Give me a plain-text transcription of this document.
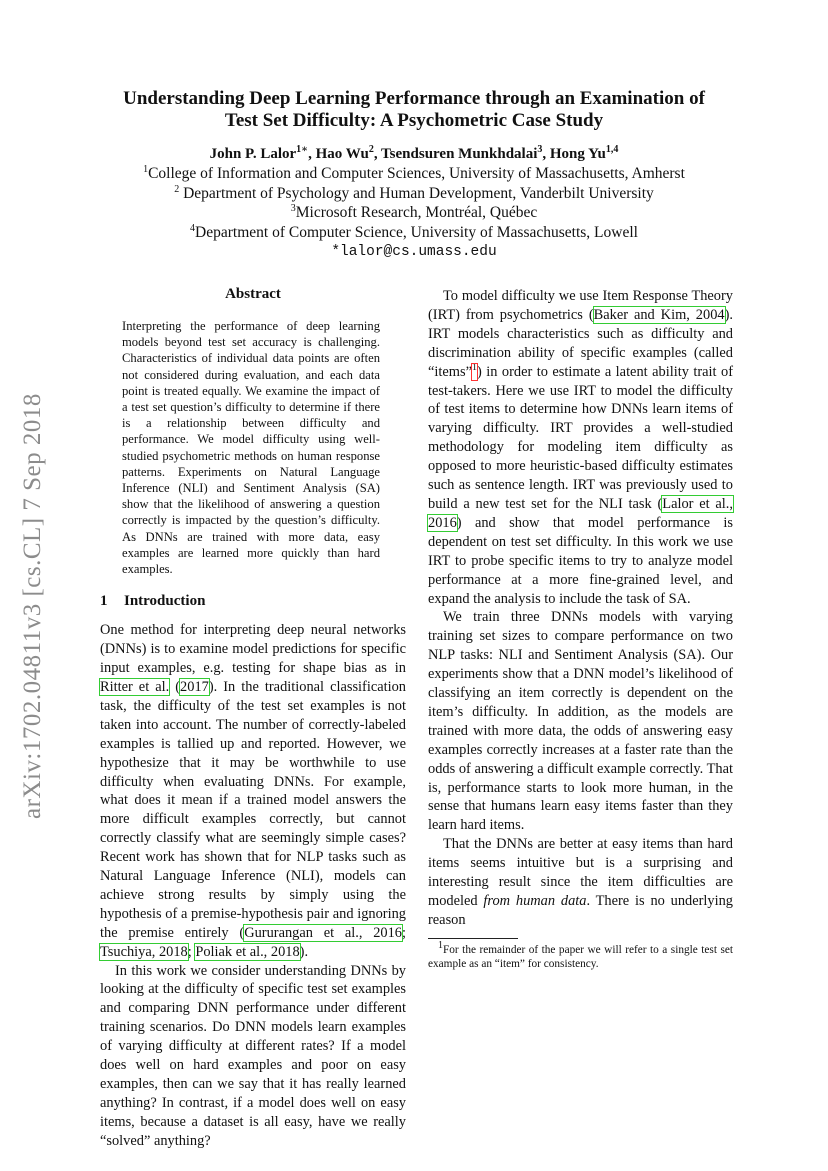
arXiv:1702.04811v3 [cs.CL] 7 Sep 2018
Understanding Deep Learning Performance through an Examination of
Test Set Difficulty: A Psychometric Case Study
John P. Lalor$^{1∗}$, Hao Wu$^2$, Tsendsuren Munkhdalai$^3$, Hong Yu$^{1,4}$
$^1$College of Information and Computer Sciences, University of Massachusetts, Amherst
$^2$ Department of Psychology and Human Development, Vanderbilt University
$^3$Microsoft Research, Montréal, Québec
$^4$Department of Computer Science, University of Massachusetts, Lowell
*lalor@cs.umass.edu
Abstract

Interpreting the performance of deep learning models beyond test set accuracy is challenging. Characteristics of individual data points are often not considered during evaluation, and each data point is treated equally. We examine the impact of a test set question’s difficulty to determine if there is a relationship between difficulty and performance. We model difficulty using well-studied psychometric methods on human response patterns. Experiments on Natural Language Inference (NLI) and Sentiment Analysis (SA) show that the likelihood of answering a question correctly is impacted by the question’s difficulty. As DNNs are trained with more data, easy examples are learned more quickly than hard examples.

1 Introduction

One method for interpreting deep neural networks (DNNs) is to examine model predictions for specific input examples, e.g. testing for shape bias as in Ritter et al. (2017). In the traditional classification task, the difficulty of the test set examples is not taken into account. The number of correctly-labeled examples is tallied up and reported. However, we hypothesize that it may be worthwhile to use difficulty when evaluating DNNs. For example, what does it mean if a trained model answers the more difficult examples correctly, but cannot correctly classify what are seemingly simple cases? Recent work has shown that for NLP tasks such as Natural Language Inference (NLI), models can achieve strong results by simply using the hypothesis of a premise-hypothesis pair and ignoring the premise entirely (Gururangan et al., 2016; Tsuchiya, 2018; Poliak et al., 2018).

In this work we consider understanding DNNs by looking at the difficulty of specific test set examples and comparing DNN performance under different training scenarios. Do DNN models learn examples of varying difficulty at different rates? If a model does well on hard examples and poor on easy examples, then can we say that it has really learned anything? In contrast, if a model does well on easy items, because a dataset is all easy, have we really “solved” anything?

To model difficulty we use Item Response Theory (IRT) from psychometrics (Baker and Kim, 2004). IRT models characteristics such as difficulty and discrimination ability of specific examples (called “items”$^1$) in order to estimate a latent ability trait of test-takers. Here we use IRT to model the difficulty of test items to determine how DNNs learn items of varying difficulty. IRT provides a well-studied methodology for modeling item difficulty as opposed to more heuristic-based difficulty estimates such as sentence length. IRT was previously used to build a new test set for the NLI task (Lalor et al., 2016) and show that model performance is dependent on test set difficulty. In this work we use IRT to probe specific items to try to analyze model performance at a more fine-grained level, and expand the analysis to include the task of SA.

We train three DNNs models with varying training set sizes to compare performance on two NLP tasks: NLI and Sentiment Analysis (SA). Our experiments show that a DNN model’s likelihood of classifying an item correctly is dependent on the item’s difficulty. In addition, as the models are trained with more data, the odds of answering easy examples correctly increases at a faster rate than the odds of answering a difficult example correctly. That is, performance starts to look more human, in the sense that humans learn easy items faster than they learn hard items.

That the DNNs are better at easy items than hard items seems intuitive but is a surprising and interesting result since the item difficulties are modeled from human data. There is no underlying reason

$^1$For the remainder of the paper we will refer to a single test set example as an “item” for consistency.
